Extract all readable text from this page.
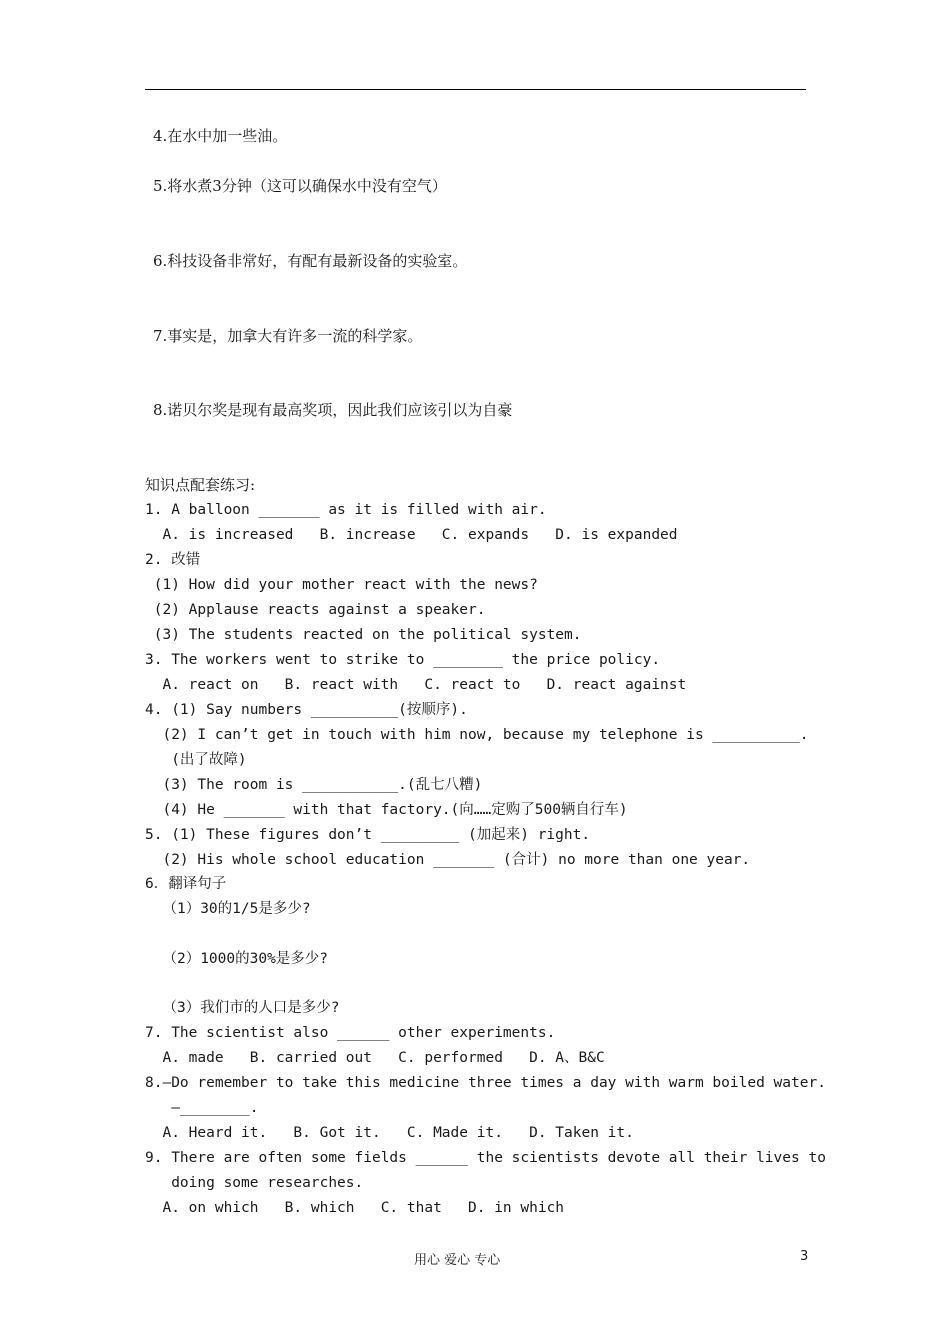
4.在水中加一些油。
5.将水煮3分钟（这可以确保水中没有空气）
6.科技设备非常好，有配有最新设备的实验室。
7.事实是，加拿大有许多一流的科学家。
8.诺贝尔奖是现有最高奖项，因此我们应该引以为自豪
知识点配套练习:
1. A balloon _______ as it is filled with air.
A. is increased   B. increase   C. expands   D. is expanded
2. 改错
(1) How did your mother react with the news?
(2) Applause reacts against a speaker.
(3) The students reacted on the political system.
3. The workers went to strike to ________ the price policy.
A. react on   B. react with   C. react to   D. react against
4. (1) Say numbers __________(按顺序).
(2) I can’t get in touch with him now, because my telephone is __________.
(出了故障)
(3) The room is ___________.(乱七八糟)
(4) He _______ with that factory.(向……定购了500辆自行车)
5. (1) These figures don’t _________ (加起来) right.
(2) His whole school education _______ (合计) no more than one year.
6．翻译句子
（1）30的1/5是多少?
（2）1000的30%是多少?
（3）我们市的人口是多少?
7. The scientist also ______ other experiments.
A. made   B. carried out   C. performed   D. A、B&C
8.—Do remember to take this medicine three times a day with warm boiled water.
—________.
A. Heard it.   B. Got it.   C. Made it.   D. Taken it.
9. There are often some fields ______ the scientists devote all their lives to
doing some researches.
A. on which   B. which   C. that   D. in which
用心 爱心 专心	3
